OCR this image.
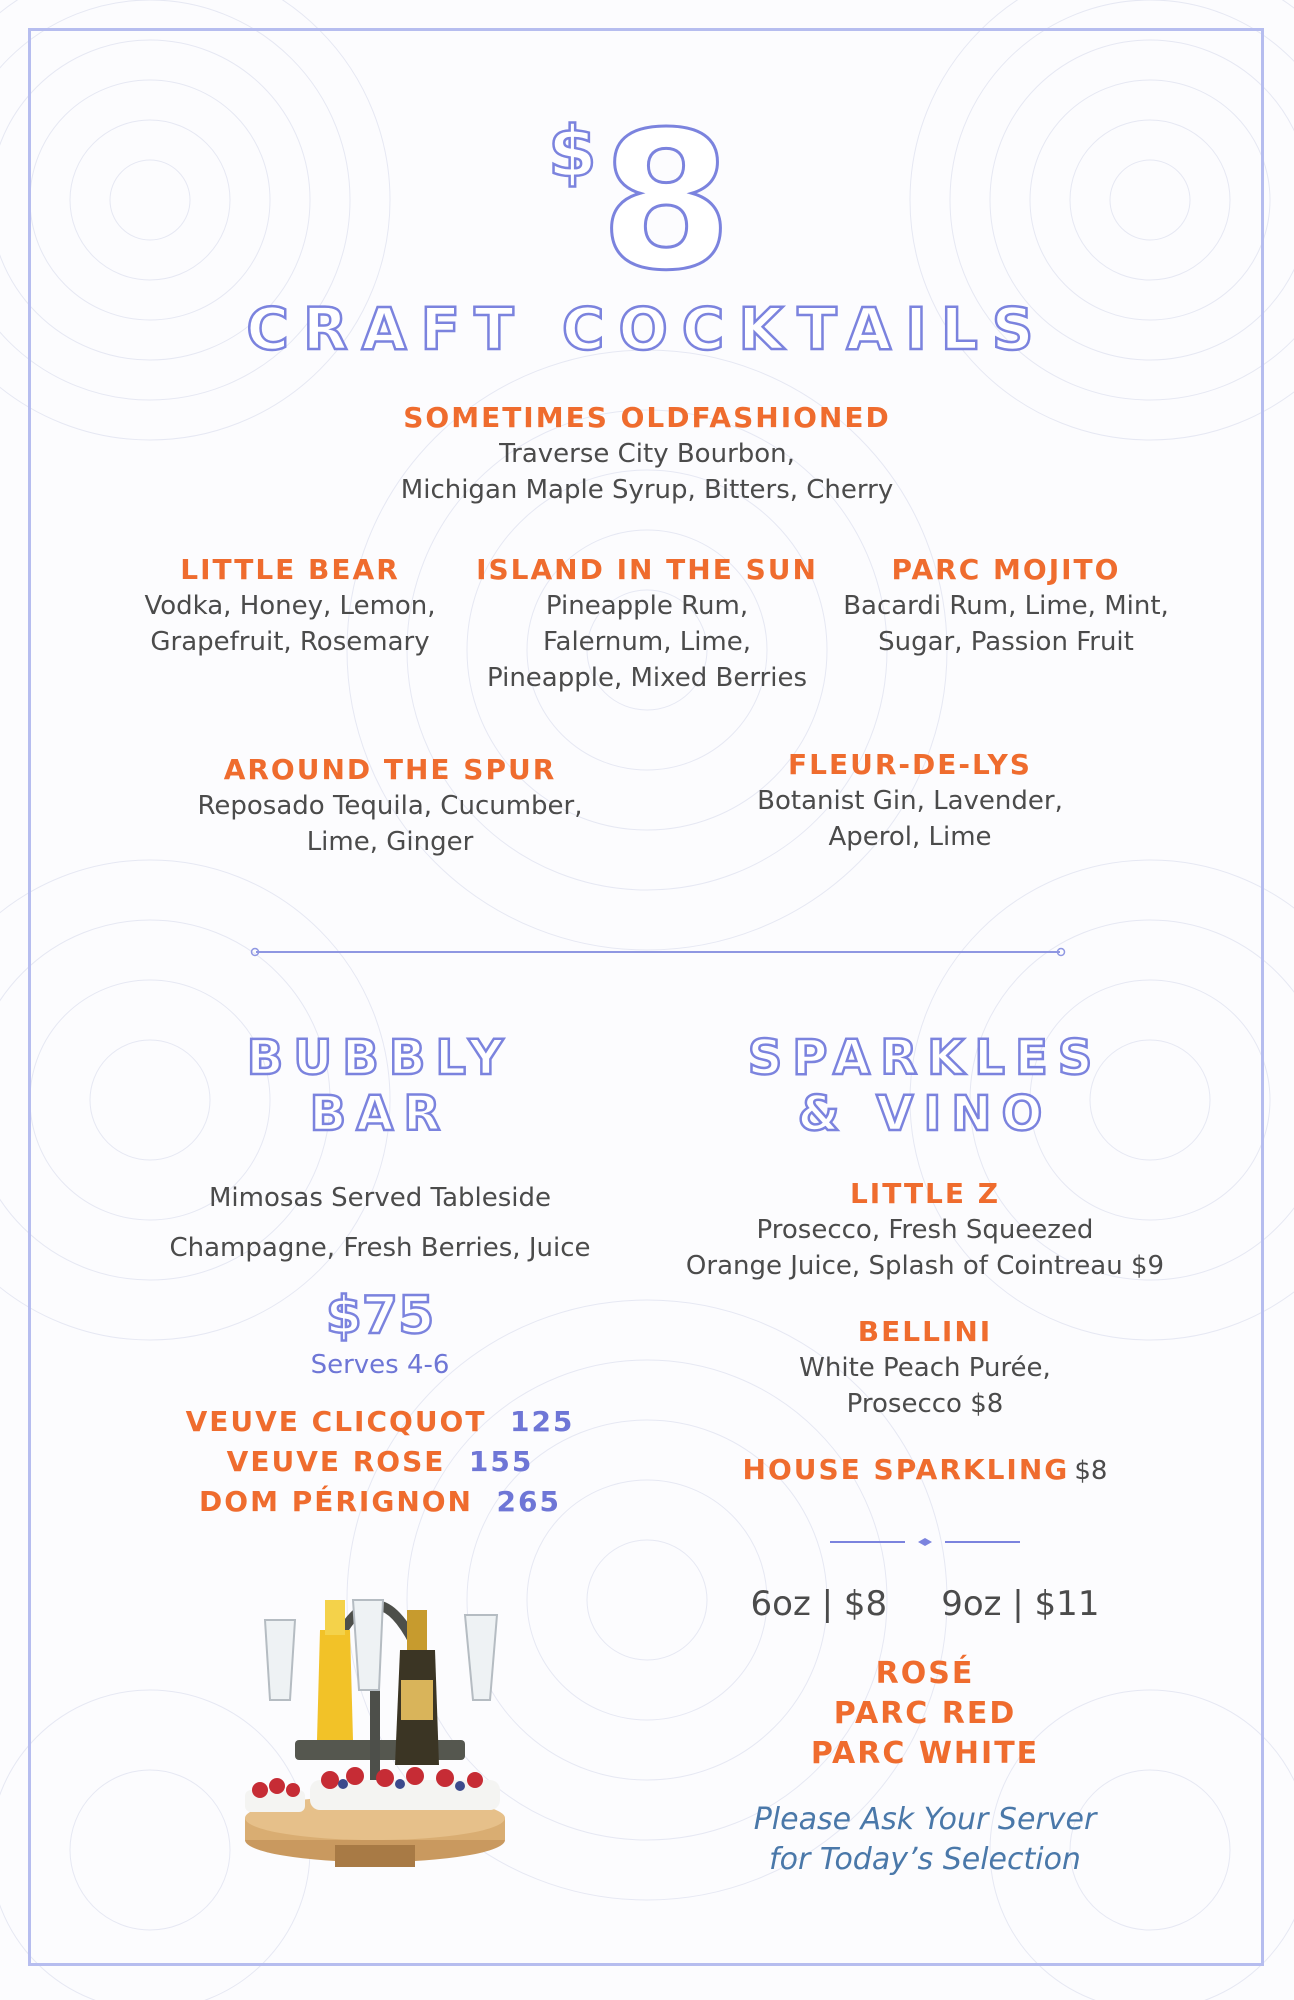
$ 8
CRAFT COCKTAILS
SOMETIMES OLDFASHIONED
Traverse City Bourbon,
Michigan Maple Syrup, Bitters, Cherry
LITTLE BEAR
Vodka, Honey, Lemon,
Grapefruit, Rosemary
ISLAND IN THE SUN
Pineapple Rum,
Falernum, Lime,
Pineapple, Mixed Berries
PARC MOJITO
Bacardi Rum, Lime, Mint,
Sugar, Passion Fruit
AROUND THE SPUR
Reposado Tequila, Cucumber,
Lime, Ginger
FLEUR-DE-LYS
Botanist Gin, Lavender,
Aperol, Lime
BUBBLY
BAR
Mimosas Served Tableside
Champagne, Fresh Berries, Juice
$75
Serves 4-6
VEUVE CLICQUOT 125
VEUVE ROSE 155
DOM PÉRIGNON 265
SPARKLES
& VINO
LITTLE Z
Prosecco, Fresh Squeezed
Orange Juice, Splash of Cointreau $9
BELLINI
White Peach Purée,
Prosecco $8
HOUSE SPARKLING $8
6oz | $8     9oz | $11
ROSÉ
PARC RED
PARC WHITE
Please Ask Your Server
for Today’s Selection
